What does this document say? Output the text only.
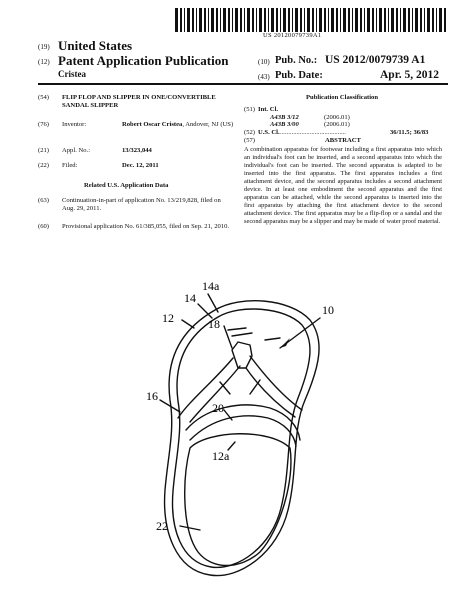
US 20120079739A1
(19) United States
(12) Patent Application Publication
Cristea
(10) Pub. No.: US 2012/0079739 A1
(43) Pub. Date:	Apr. 5, 2012
(54) FLIP FLOP AND SLIPPER IN ONE/CONVERTIBLE SANDAL SLIPPER
(76) Inventor:	Robert Oscar Cristea, Andover, NJ (US)
(21) Appl. No.:	13/323,044
(22) Filed:	Dec. 12, 2011
Related U.S. Application Data
(63) Continuation-in-part of application No. 13/219,828, filed on Aug. 29, 2011.
(60) Provisional application No. 61/385,055, filed on Sep. 21, 2010.
Publication Classification
(51) Int. Cl.
A43B 3/12	(2006.01)
A43B 3/00	(2006.01)
(52) U.S. Cl. ........................................	36/11.5; 36/83
(57)	ABSTRACT
A combination apparatus for footwear including a first apparatus into which an individual's foot can be inserted, and a second apparatus into which the individual's foot can be inserted. The second apparatus is adapted to be inserted into the first apparatus. The first apparatus includes a first attachment device, and the second apparatus includes a second attachment device. In at least one embodiment the second apparatus and the first apparatus can be attached, while the second apparatus is inserted into the first apparatus by attaching the first attachment device to the second attachment device. The first apparatus may be a flip-flop or a sandal and the second apparatus may be a slipper and may be made of water proof material.
14a
14
12	18
10
16
20
12a
22
